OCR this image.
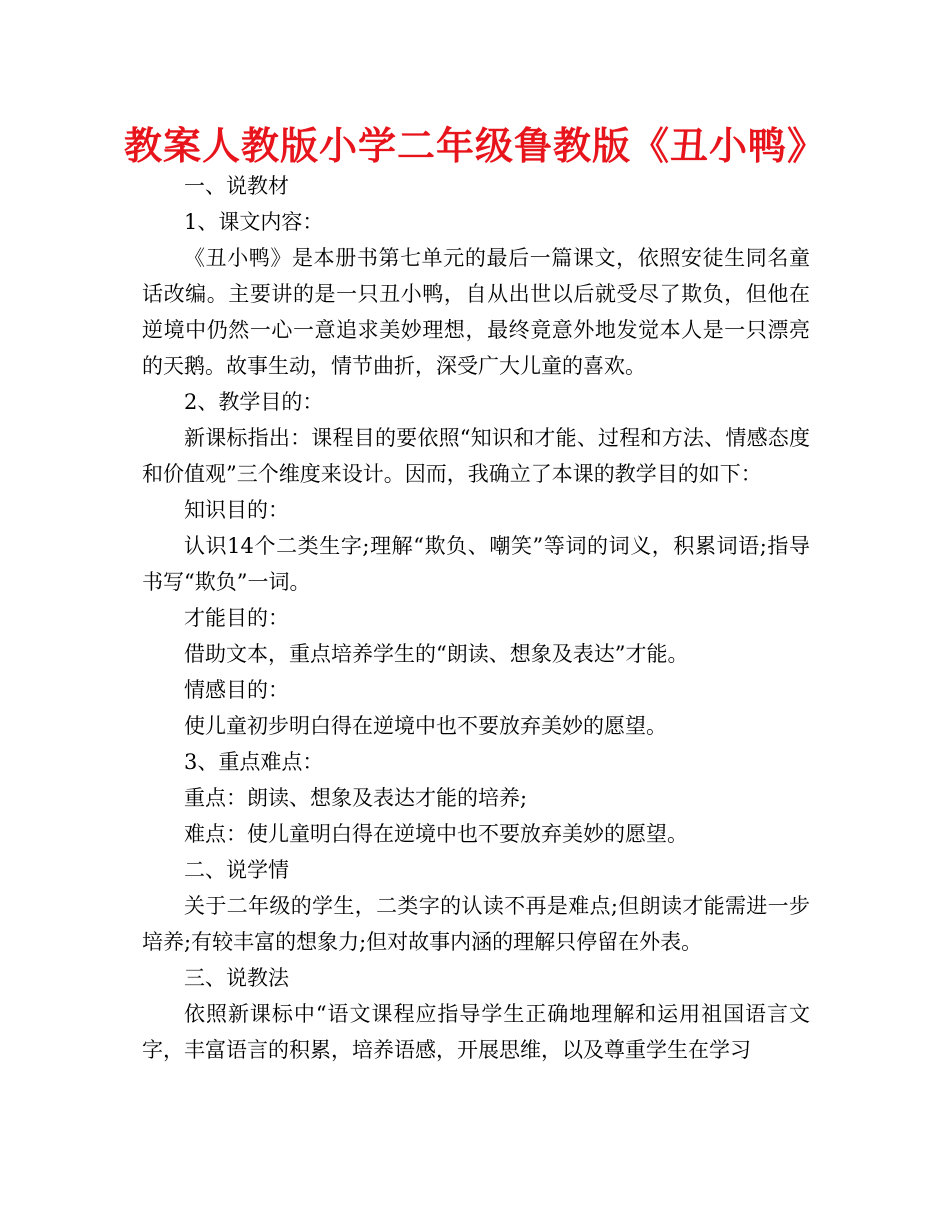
教案人教版小学二年级鲁教版《丑小鸭》

一、说教材

1、课文内容：

《丑小鸭》是本册书第七单元的最后一篇课文，依照安徒生同名童话改编。主要讲的是一只丑小鸭，自从出世以后就受尽了欺负，但他在逆境中仍然一心一意追求美妙理想，最终竟意外地发觉本人是一只漂亮的天鹅。故事生动，情节曲折，深受广大儿童的喜欢。

2、教学目的：

新课标指出：课程目的要依照“知识和才能、过程和方法、情感态度和价值观”三个维度来设计。因而，我确立了本课的教学目的如下：

知识目的：

认识14个二类生字;理解“欺负、嘲笑”等词的词义，积累词语;指导书写“欺负”一词。

才能目的：

借助文本，重点培养学生的“朗读、想象及表达”才能。

情感目的：

使儿童初步明白得在逆境中也不要放弃美妙的愿望。

3、重点难点：

重点：朗读、想象及表达才能的培养;

难点：使儿童明白得在逆境中也不要放弃美妙的愿望。

二、说学情

关于二年级的学生，二类字的认读不再是难点;但朗读才能需进一步培养;有较丰富的想象力;但对故事内涵的理解只停留在外表。

三、说教法

依照新课标中“语文课程应指导学生正确地理解和运用祖国语言文字，丰富语言的积累，培养语感，开展思维，以及尊重学生在学习
